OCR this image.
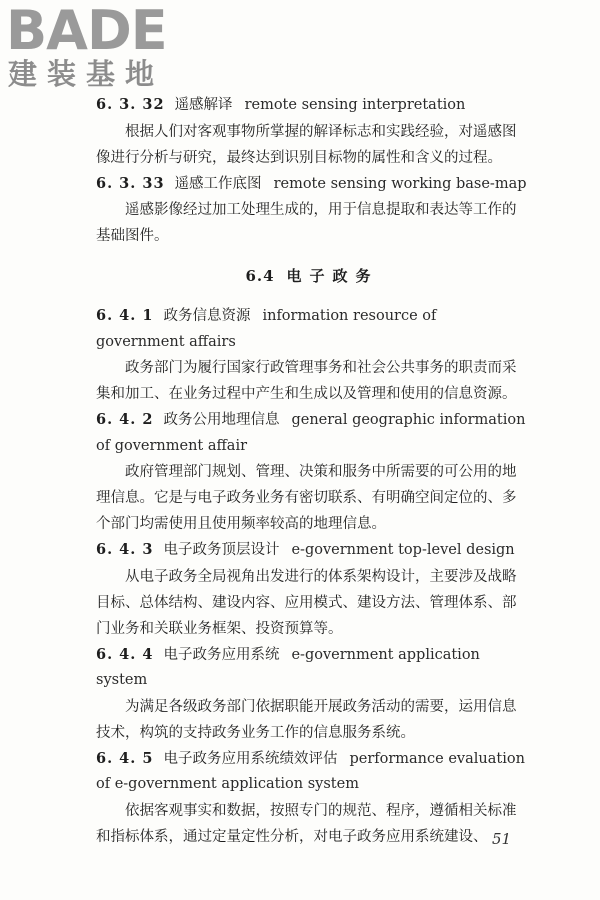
BADE
建装基地
6. 3. 32 遥感解译 remote sensing interpretation

根据人们对客观事物所掌握的解译标志和实践经验，对遥感图像进行分析与研究，最终达到识别目标物的属性和含义的过程。

6. 3. 33 遥感工作底图 remote sensing working base-map

遥感影像经过加工处理生成的，用于信息提取和表达等工作的基础图件。

6.4 电子政务
6. 4. 1 政务信息资源 information resource of government affairs

政务部门为履行国家行政管理事务和社会公共事务的职责而采集和加工、在业务过程中产生和生成以及管理和使用的信息资源。

6. 4. 2 政务公用地理信息 general geographic information of government affair

政府管理部门规划、管理、决策和服务中所需要的可公用的地理信息。它是与电子政务业务有密切联系、有明确空间定位的、多个部门均需使用且使用频率较高的地理信息。

6. 4. 3 电子政务顶层设计 e-government top-level design

从电子政务全局视角出发进行的体系架构设计，主要涉及战略目标、总体结构、建设内容、应用模式、建设方法、管理体系、部门业务和关联业务框架、投资预算等。

6. 4. 4 电子政务应用系统 e-government application system

为满足各级政务部门依据职能开展政务活动的需要，运用信息技术，构筑的支持政务业务工作的信息服务系统。

6. 4. 5 电子政务应用系统绩效评估 performance evaluation of e-government application system

依据客观事实和数据，按照专门的规范、程序，遵循相关标准和指标体系，通过定量定性分析，对电子政务应用系统建设、 51
